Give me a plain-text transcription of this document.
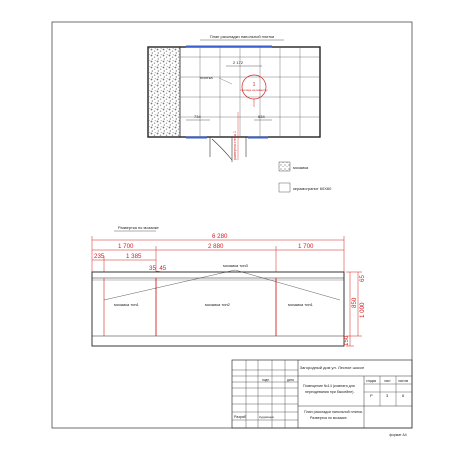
План раскладки напольной плитки
плитка
2 172
1
при виде на развертку
734	634
развертка стены 1
мозаика
керамогранит 60Х60
Развертка по мозаике
6 280
1 700	2 880	1 700
235	1 385
35_45	мозаика тип3
мозаика тип1	мозаика тип2	мозаика тип1	850 1 000
150
65
Загородный дом ул. Лесное шоссе
подп.	дата
Помещение №14 (комната для
переодевания при бассейне).
стадия лист листов
Р	3	6
План раскладки напольной плитки.
Развертка по мозаике.
Разраб	Кудрявцев
формат А4
